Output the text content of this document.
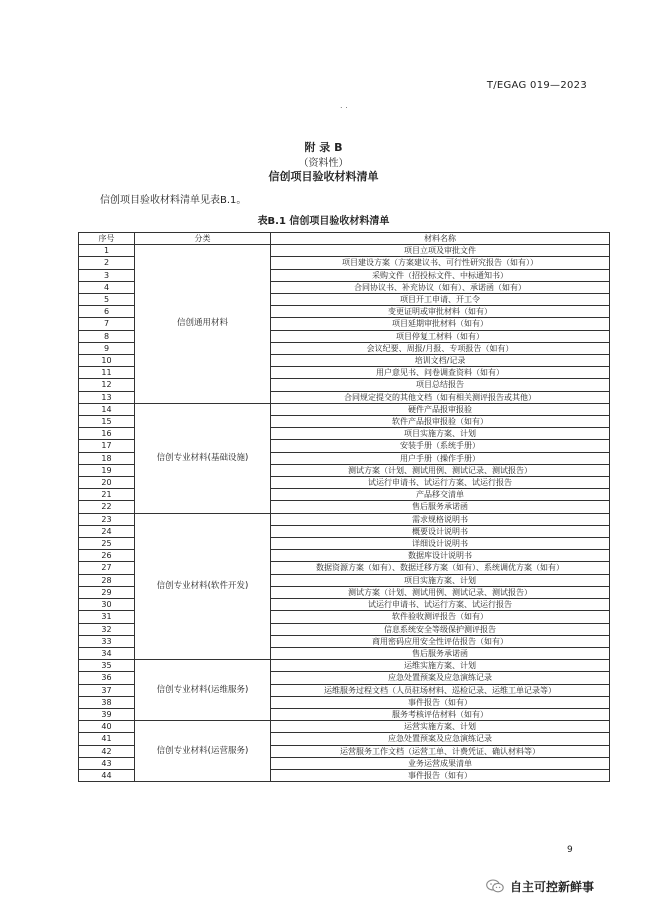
T/EGAG 019—2023
. .
附 录 B
（资料性）
信创项目验收材料清单
信创项目验收材料清单见表B.1。
表B.1 信创项目验收材料清单
序号	分类	材料名称
1	信创通用材料	项目立项及审批文件
2		项目建设方案（方案建议书、可行性研究报告（如有））
3		采购文件（招投标文件、中标通知书）
4		合同协议书、补充协议（如有）、承诺函（如有）
5		项目开工申请、开工令
6		变更证明或审批材料（如有）
7		项目延期审批材料（如有）
8		项目停复工材料（如有）
9		会议纪要、周报/月报、专项报告（如有）
10		培训文档/记录
11		用户意见书、问卷调查资料（如有）
12		项目总结报告
13		合同规定提交的其他文档（如有相关测评报告或其他）
14	信创专业材料(基础设施)	硬件产品报审报验
15		软件产品报审报验（如有）
16		项目实施方案、计划
17		安装手册（系统手册）
18		用户手册（操作手册）
19		测试方案（计划、测试用例、测试记录、测试报告）
20		试运行申请书、试运行方案、试运行报告
21		产品移交清单
22		售后服务承诺函
23	信创专业材料(软件开发)	需求规格说明书
24		概要设计说明书
25		详细设计说明书
26		数据库设计说明书
27		数据资源方案（如有）、数据迁移方案（如有）、系统调优方案（如有）
28		项目实施方案、计划
29		测试方案（计划、测试用例、测试记录、测试报告）
30		试运行申请书、试运行方案、试运行报告
31		软件验收测评报告（如有）
32		信息系统安全等级保护测评报告
33		商用密码应用安全性评估报告（如有）
34		售后服务承诺函
35	信创专业材料(运维服务)	运维实施方案、计划
36		应急处置预案及应急演练记录
37		运维服务过程文档（人员驻场材料、巡检记录、运维工单记录等）
38		事件报告（如有）
39		服务考核评估材料（如有）
40	信创专业材料(运营服务)	运营实施方案、计划
41		应急处置预案及应急演练记录
42		运营服务工作文档（运营工单、计费凭证、确认材料等）
43		业务运营成果清单
44		事件报告（如有）
9
自主可控新鲜事
